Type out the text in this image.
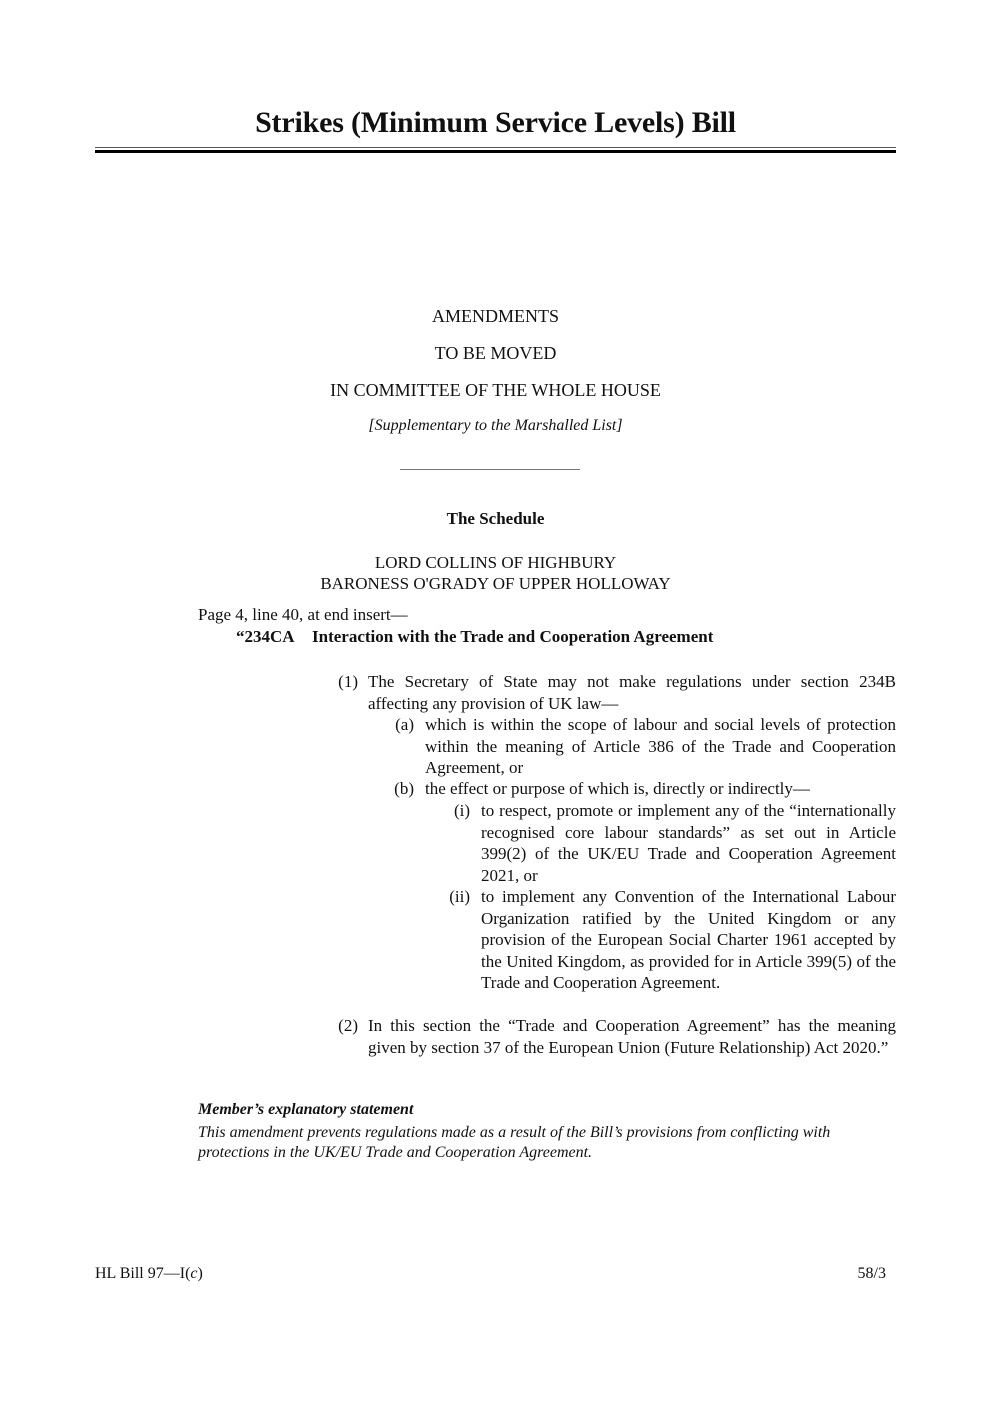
Strikes (Minimum Service Levels) Bill
AMENDMENTS
TO BE MOVED
IN COMMITTEE OF THE WHOLE HOUSE
[Supplementary to the Marshalled List]
The Schedule
LORD COLLINS OF HIGHBURY
BARONESS O'GRADY OF UPPER HOLLOWAY
Page 4, line 40, at end insert—
“234CA Interaction with the Trade and Cooperation Agreement
(1) The Secretary of State may not make regulations under section 234B affecting any provision of UK law—
(a) which is within the scope of labour and social levels of protection within the meaning of Article 386 of the Trade and Cooperation Agreement, or
(b) the effect or purpose of which is, directly or indirectly—
(i) to respect, promote or implement any of the “internationally recognised core labour standards” as set out in Article 399(2) of the UK/EU Trade and Cooperation Agreement 2021, or
(ii) to implement any Convention of the International Labour Organization ratified by the United Kingdom or any provision of the European Social Charter 1961 accepted by the United Kingdom, as provided for in Article 399(5) of the Trade and Cooperation Agreement.
(2) In this section the “Trade and Cooperation Agreement” has the meaning given by section 37 of the European Union (Future Relationship) Act 2020.”
Member’s explanatory statement
This amendment prevents regulations made as a result of the Bill’s provisions from conflicting with protections in the UK/EU Trade and Cooperation Agreement.
HL Bill 97—I(c)	58/3
